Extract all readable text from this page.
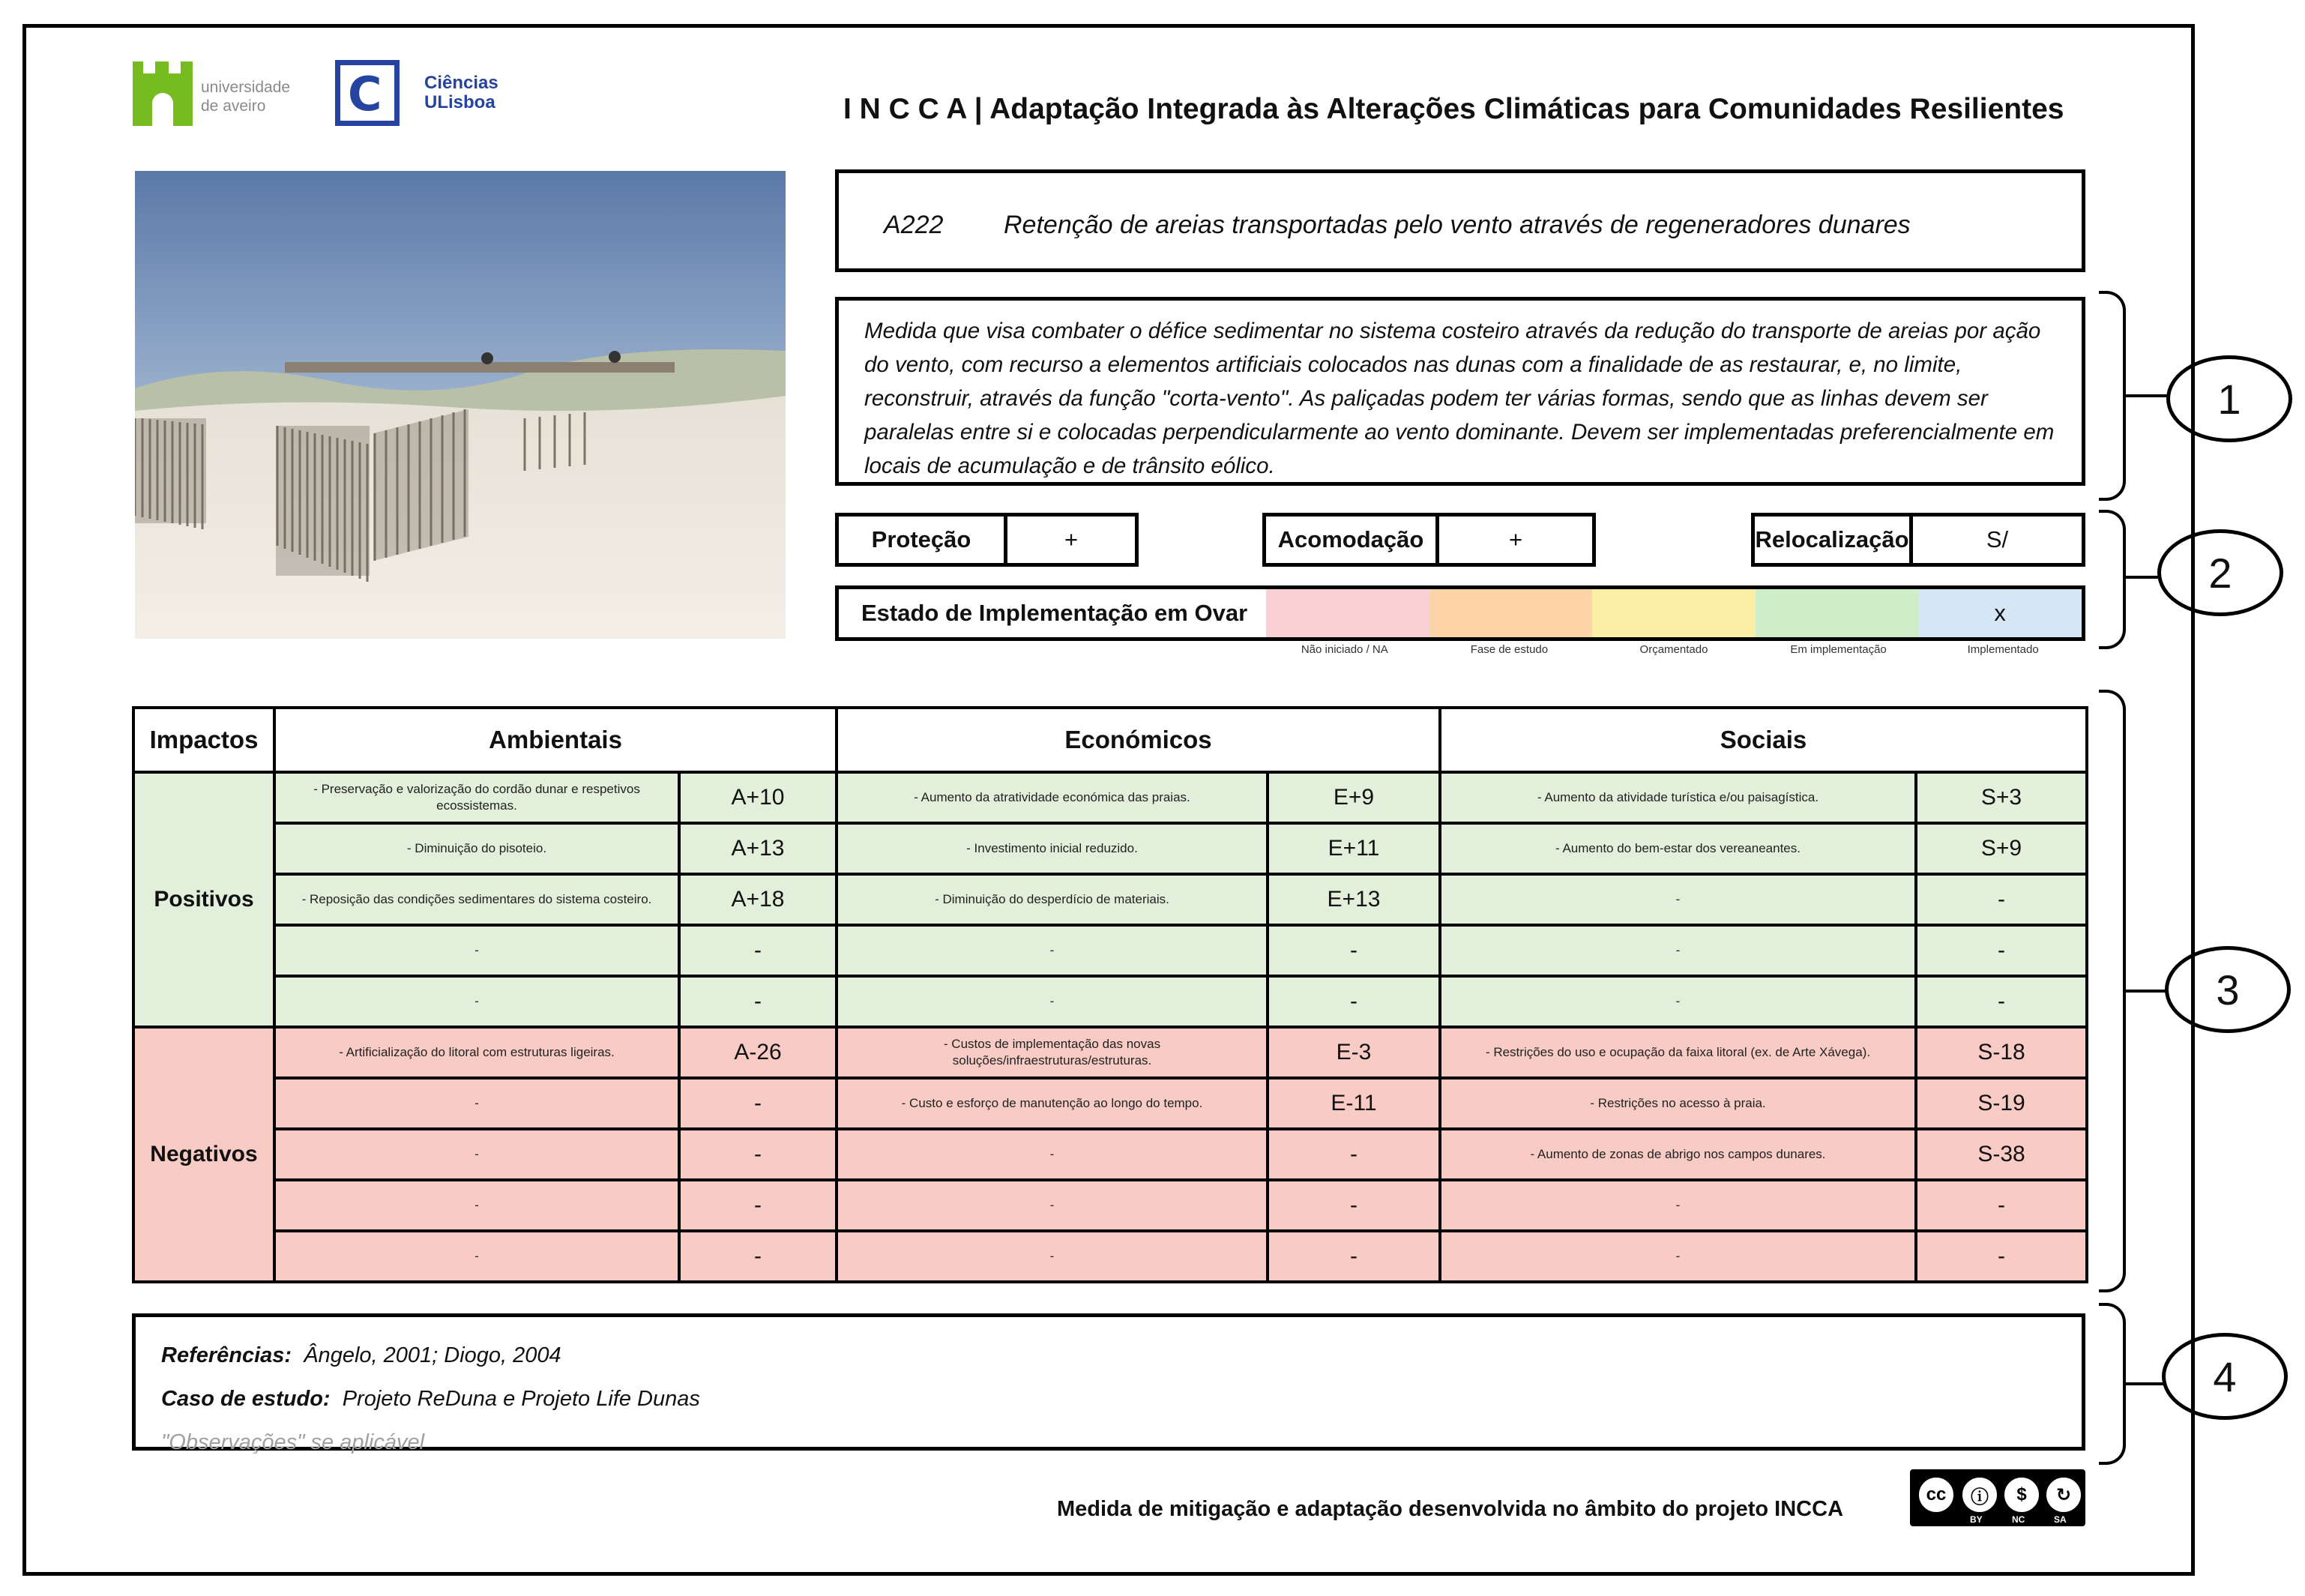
universidade
de aveiro	C Ciências
ULisboa	I N C C A | Adaptação Integrada às Alterações Climáticas para Comunidades Resilientes
A222 Retenção de areias transportadas pelo vento através de regeneradores dunares
Medida que visa combater o défice sedimentar no sistema costeiro através da redução do transporte de areias por ação do vento, com recurso a elementos artificiais colocados nas dunas com a finalidade de as restaurar, e, no limite, reconstruir, através da função "corta-vento". As paliçadas podem ter várias formas, sendo que as linhas devem ser paralelas entre si e colocadas perpendicularmente ao vento dominante. Devem ser implementadas preferencialmente em locais de acumulação e de trânsito eólico.
Proteção	+	Acomodação	+	Relocalização	S/
Estado de Implementação em Ovar	x
Não iniciado / NA	Fase de estudo	Orçamentado	Em implementação	Implementado
1
2
3
4
Impactos	Ambientais		Económicos		Sociais	
Positivos	- Preservação e valorização do cordão dunar e respetivos ecossistemas.	A+10	- Aumento da atratividade económica das praias.	E+9	- Aumento da atividade turística e/ou paisagística.	S+3
	- Diminuição do pisoteio.	A+13	- Investimento inicial reduzido.	E+11	- Aumento do bem-estar dos vereaneantes.	S+9
	- Reposição das condições sedimentares do sistema costeiro.	A+18	- Diminuição do desperdício de materiais.	E+13	-	-
	-	-	-	-	-	-
	-	-	-	-	-	-
Negativos	- Artificialização do litoral com estruturas ligeiras.	A-26	- Custos de implementação das novas soluções/infraestruturas/estruturas.	E-3	- Restrições do uso e ocupação da faixa litoral (ex. de Arte Xávega).	S-18
	-	-	- Custo e esforço de manutenção ao longo do tempo.	E-11	- Restrições no acesso à praia.	S-19
	-	-	-	-	- Aumento de zonas de abrigo nos campos dunares.	S-38
	-	-	-	-	-	-
	-	-	-	-	-	-
Referências: Ângelo, 2001; Diogo, 2004
Caso de estudo: Projeto ReDuna e Projeto Life Dunas
"Observações" se aplicável
Medida de mitigação e adaptação desenvolvida no âmbito do projeto INCCA
cc	ⓘ	$	↻
BY	NC	SA
